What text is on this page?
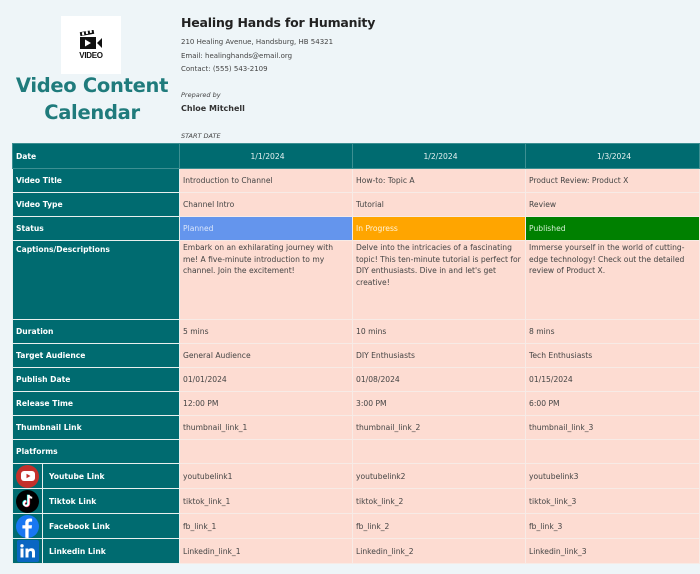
VIDEO
Video Content
Calendar
Healing Hands for Humanity
210 Healing Avenue, Handsburg, HB 54321
Email: healinghands@email.org
Contact: (555) 543-2109
Prepared by
Chloe Mitchell
START DATE
Date		1/1/2024	1/2/2024	1/3/2024
Video Title		Introduction to Channel	How-to: Topic A	Product Review: Product X
Video Type		Channel Intro	Tutorial	Review
Status		Planned	In Progress	Published
Captions/Descriptions		Embark on an exhilarating journey with me! A five-minute introduction to my channel. Join the excitement!	Delve into the intricacies of a fascinating topic! This ten-minute tutorial is perfect for DIY enthusiasts. Dive in and let's get creative!	Immerse yourself in the world of cutting-edge technology! Check out the detailed review of Product X.
Duration		5 mins	10 mins	8 mins
Target Audience		General Audience	DIY Enthusiasts	Tech Enthusiasts
Publish Date		01/01/2024	01/08/2024	01/15/2024
Release Time		12:00 PM	3:00 PM	6:00 PM
Thumbnail Link		thumbnail_link_1	thumbnail_link_2	thumbnail_link_3
Platforms				

	Youtube Link	youtubelink1	youtubelink2	youtubelink3

	Tiktok Link	tiktok_link_1	tiktok_link_2	tiktok_link_3

	Facebook Link	fb_link_1	fb_link_2	fb_link_3

	Linkedin Link	Linkedin_link_1	Linkedin_link_2	Linkedin_link_3
